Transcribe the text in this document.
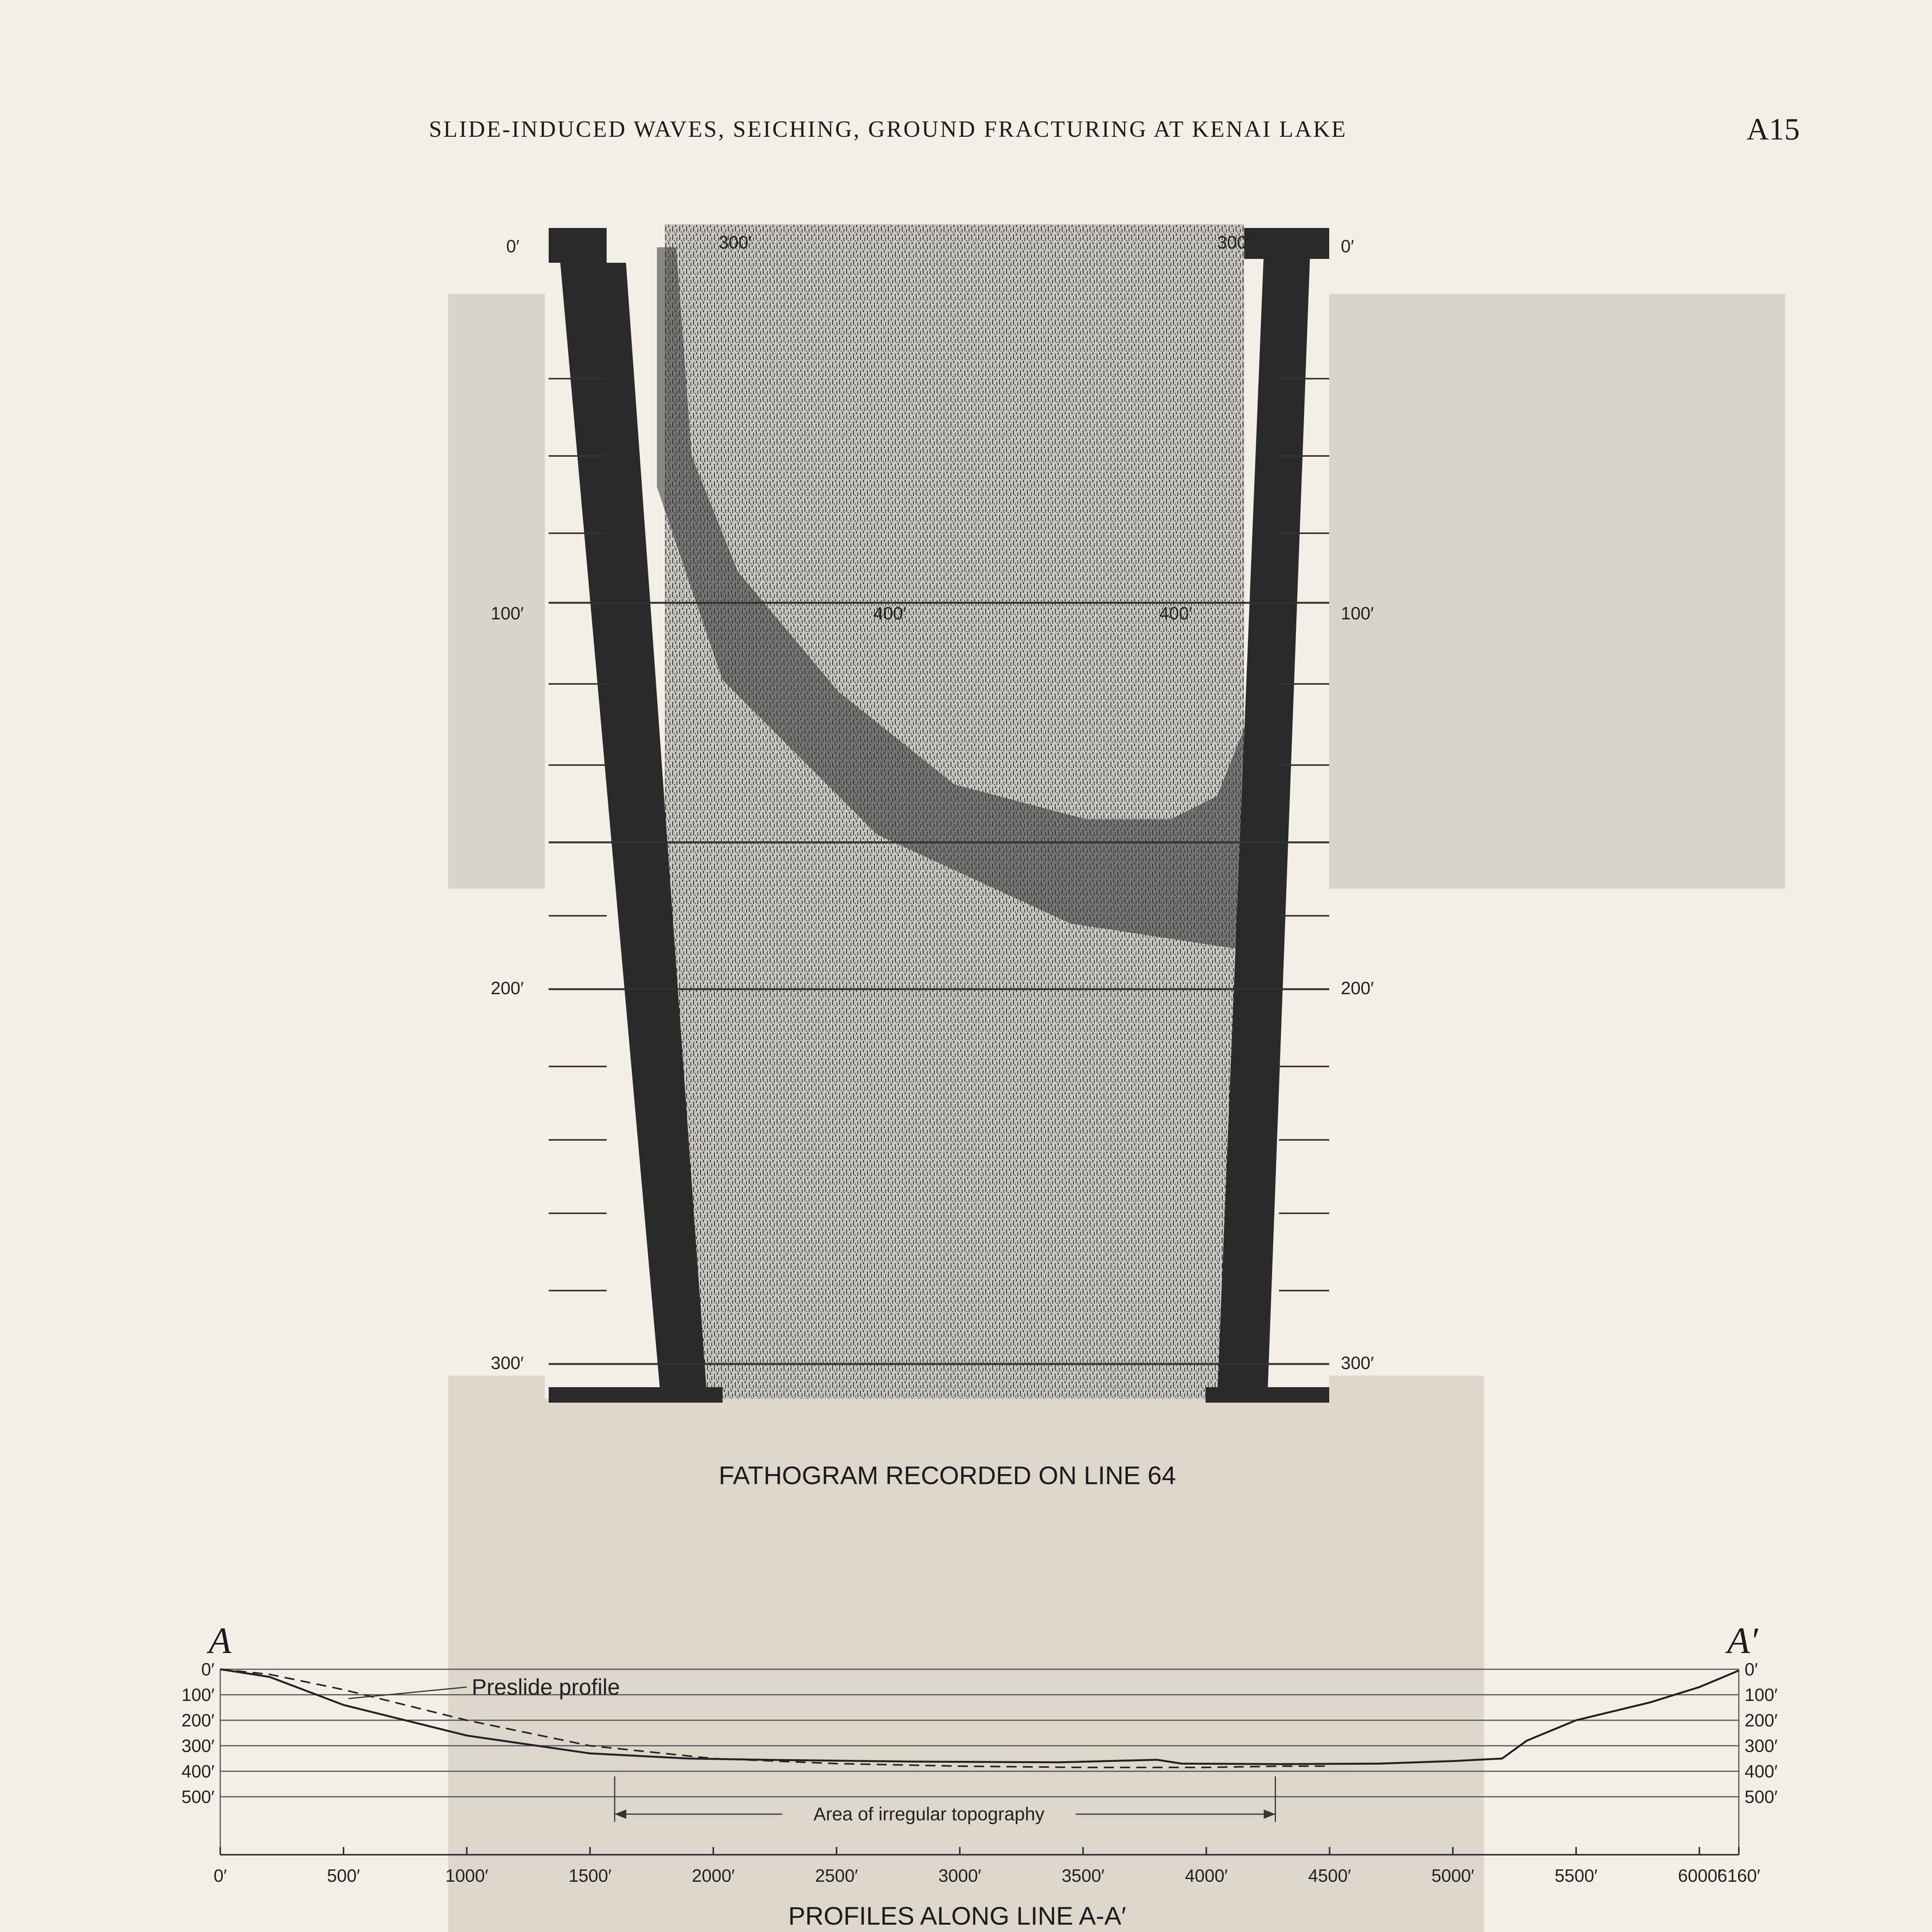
SLIDE-INDUCED WAVES, SEICHING, GROUND FRACTURING AT KENAI LAKE	A15
0′
100′
200′
300′
0′
100′
200′
300′
300′	300′
400′	400′
FATHOGRAM RECORDED ON LINE 64
A	A′
0′	0′
100′	100′
200′	200′
300′	300′
400′	400′
500′	500′
0′	500′	1000′	1500′	2000′	2500′	3000′	3500′	4000′	4500′	5000′	5500′	6000′
6160′
Preslide profile
Area of irregular topography
PROFILES ALONG LINE A-A′
